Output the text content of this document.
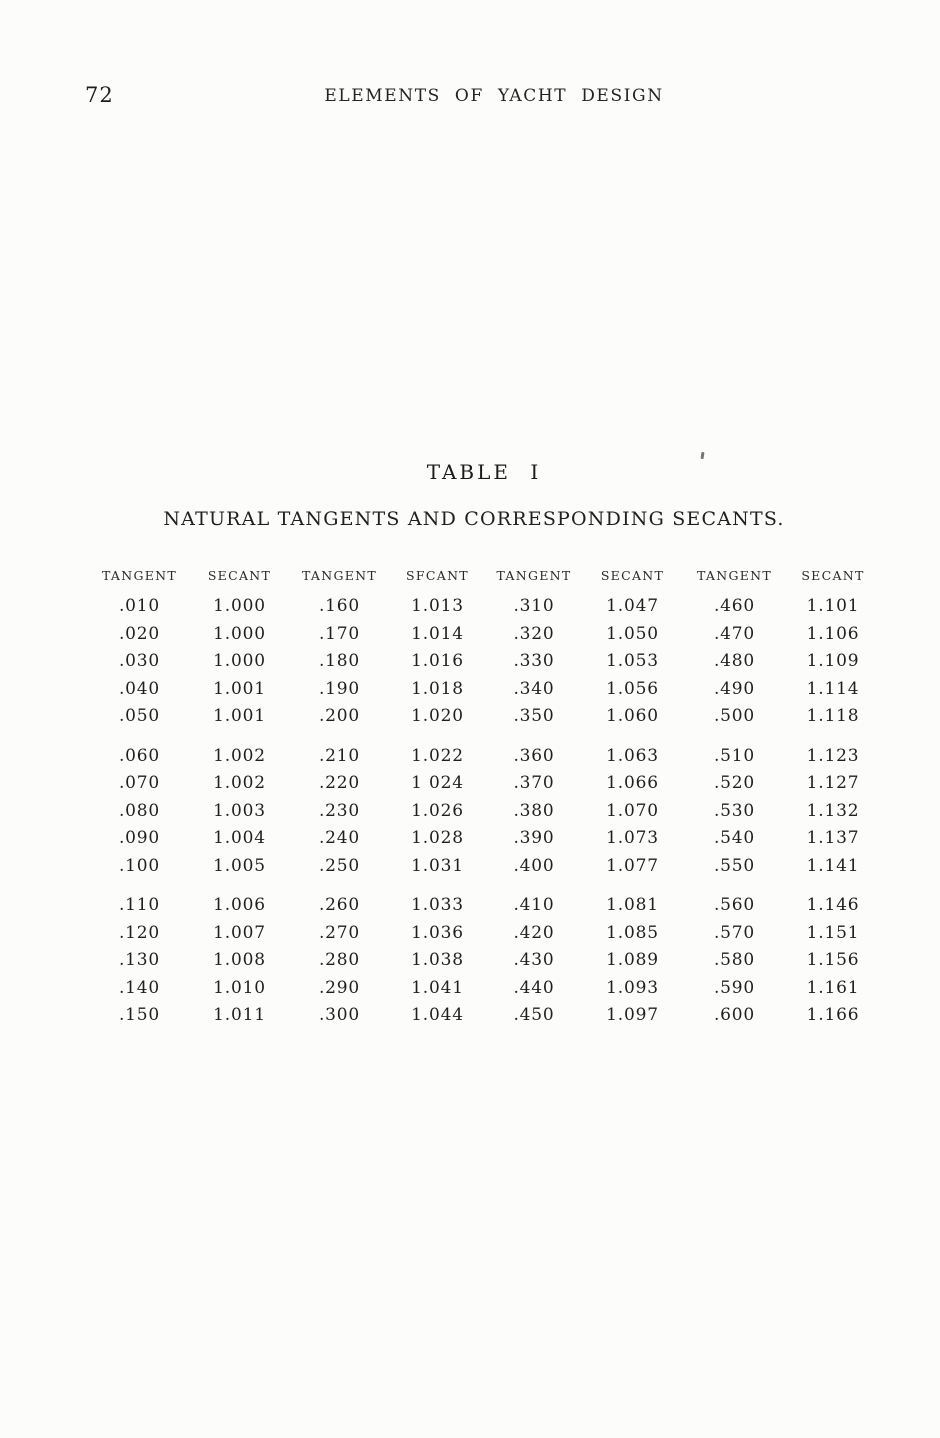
72	ELEMENTS OF YACHT DESIGN
TABLE I
NATURAL TANGENTS AND CORRESPONDING SECANTS.
TANGENT	SECANT	TANGENT	SFCANT	TANGENT	SECANT	TANGENT	SECANT
.010	1.000	.160	1.013	.310	1.047	.460	1.101
.020	1.000	.170	1.014	.320	1.050	.470	1.106
.030	1.000	.180	1.016	.330	1.053	.480	1.109
.040	1.001	.190	1.018	.340	1.056	.490	1.114
.050	1.001	.200	1.020	.350	1.060	.500	1.118
.060	1.002	.210	1.022	.360	1.063	.510	1.123
.070	1.002	.220	1 024	.370	1.066	.520	1.127
.080	1.003	.230	1.026	.380	1.070	.530	1.132
.090	1.004	.240	1.028	.390	1.073	.540	1.137
.100	1.005	.250	1.031	.400	1.077	.550	1.141
.110	1.006	.260	1.033	.410	1.081	.560	1.146
.120	1.007	.270	1.036	.420	1.085	.570	1.151
.130	1.008	.280	1.038	.430	1.089	.580	1.156
.140	1.010	.290	1.041	.440	1.093	.590	1.161
.150	1.011	.300	1.044	.450	1.097	.600	1.166
